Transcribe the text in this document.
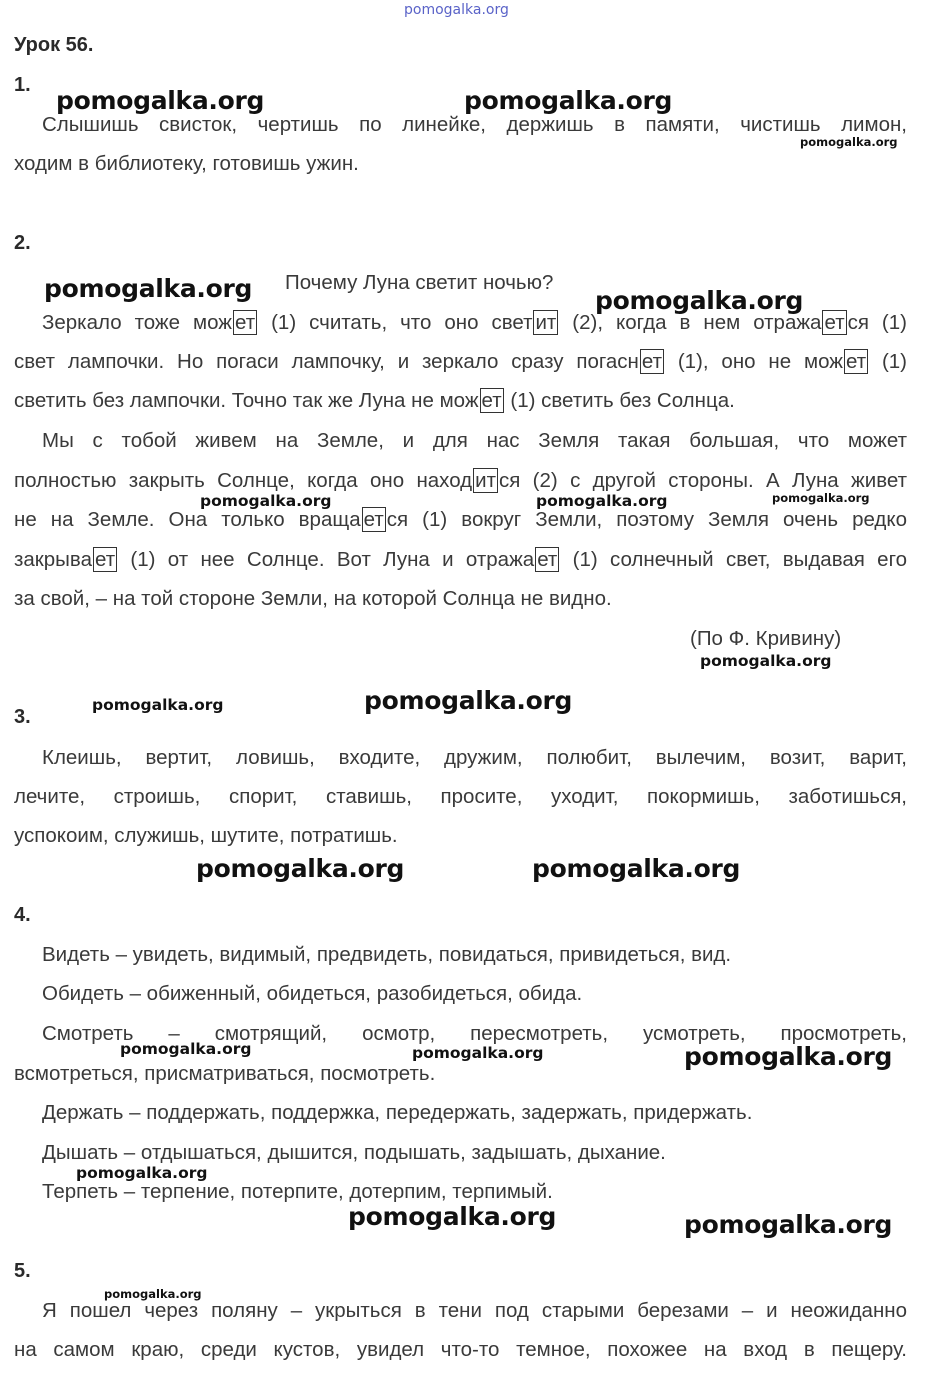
pomogalka.org
Урок 56.
1.
Слышишь свисток, чертишь по линейке, держишь в памяти, чистишь лимон,
ходим в библиотеку, готовишь ужин.
2.
Почему Луна светит ночью?
Зеркало тоже мож ет (1) считать, что оно свет ит (2), когда в нем отража ет ся (1)
свет лампочки. Но погаси лампочку, и зеркало сразу погасн ет (1), оно не мож ет (1)
светить без лампочки. Точно так же Луна не мож ет (1) светить без Солнца.
Мы с тобой живем на Земле, и для нас Земля такая большая, что может
полностью закрыть Солнце, когда оно наход ит ся (2) с другой стороны. А Луна живет
не на Земле. Она только враща ет ся (1) вокруг Земли, поэтому Земля очень редко
закрыва ет (1) от нее Солнце. Вот Луна и отража ет (1) солнечный свет, выдавая его
за свой, – на той стороне Земли, на которой Солнца не видно.
(По Ф. Кривину)
3.
Клеишь, вертит, ловишь, входите, дружим, полюбит, вылечим, возит, варит,
лечите, строишь, спорит, ставишь, просите, уходит, покормишь, заботишься,
успокоим, служишь, шутите, потратишь.
4.
Видеть – увидеть, видимый, предвидеть, повидаться, привидеться, вид.
Обидеть – обиженный, обидеться, разобидеться, обида.
Смотреть – смотрящий, осмотр, пересмотреть, усмотреть, просмотреть,
всмотреться, присматриваться, посмотреть.
Держать – поддержать, поддержка, передержать, задержать, придержать.
Дышать – отдышаться, дышится, подышать, задышать, дыхание.
Терпеть – терпение, потерпите, дотерпим, терпимый.
5.
Я пошел через поляну – укрыться в тени под старыми березами – и неожиданно
на самом краю, среди кустов, увидел что-то темное, похожее на вход в пещеру.
pomogalka.org	pomogalka.org
pomogalka.org
pomogalka.org	pomogalka.org
pomogalka.org	pomogalka.org	pomogalka.org
pomogalka.org
pomogalka.org	pomogalka.org
pomogalka.org	pomogalka.org
pomogalka.org	pomogalka.org	pomogalka.org
pomogalka.org
pomogalka.org	pomogalka.org
pomogalka.org
